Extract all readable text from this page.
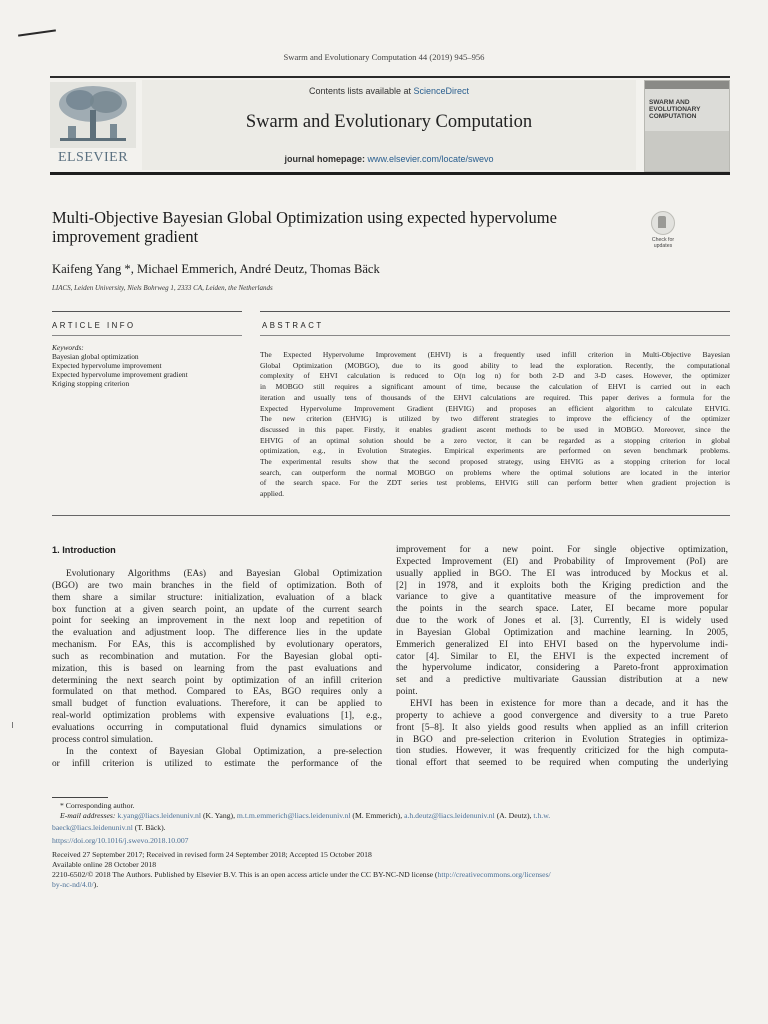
Swarm and Evolutionary Computation 44 (2019) 945–956
ELSEVIER
Contents lists available at ScienceDirect
Swarm and Evolutionary Computation
journal homepage: www.elsevier.com/locate/swevo
SWARM AND EVOLUTIONARY COMPUTATION
Multi-Objective Bayesian Global Optimization using expected hypervolume
improvement gradient	Check for updates
Kaifeng Yang *, Michael Emmerich, André Deutz, Thomas Bäck
LIACS, Leiden University, Niels Bohrweg 1, 2333 CA, Leiden, the Netherlands
ARTICLE INFO
Keywords:
Bayesian global optimization
Expected hypervolume improvement
Expected hypervolume improvement gradient
Kriging stopping criterion
ABSTRACT
The Expected Hypervolume Improvement (EHVI) is a frequently used infill criterion in Multi-Objective Bayesian
Global Optimization (MOBGO), due to its good ability to lead the exploration. Recently, the computational
complexity of EHVI calculation is reduced to O(n log n) for both 2-D and 3-D cases. However, the optimizer
in MOBGO still requires a significant amount of time, because the calculation of EHVI is carried out in each
iteration and usually tens of thousands of the EHVI calculations are required. This paper derives a formula for the
Expected Hypervolume Improvement Gradient (EHVIG) and proposes an efficient algorithm to calculate EHVIG.
The new criterion (EHVIG) is utilized by two different strategies to improve the efficiency of the optimizer
discussed in this paper. Firstly, it enables gradient ascent methods to be used in MOBGO. Moreover, since the
EHVIG of an optimal solution should be a zero vector, it can be regarded as a stopping criterion in global
optimization, e.g., in Evolution Strategies. Empirical experiments are performed on seven benchmark problems.
The experimental results show that the second proposed strategy, using EHVIG as a stopping criterion for local
search, can outperform the normal MOBGO on problems where the optimal solutions are located in the interior
of the search space. For the ZDT series test problems, EHVIG still can perform better when gradient projection is
applied.
1. Introduction
Evolutionary Algorithms (EAs) and Bayesian Global Optimization
(BGO) are two main branches in the field of optimization. Both of
them share a similar structure: initialization, evaluation of a black
box function at a given search point, an update of the current search
point for seeking an improvement in the next loop and repetition of
the evaluation and adjustment loop. The difference lies in the update
mechanism. For EAs, this is accomplished by evolutionary operators,
such as recombination and mutation. For the Bayesian global opti-
mization, this is based on learning from the past evaluations and
determining the next search point by optimization of an infill criterion
formulated on that method. Compared to EAs, BGO requires only a
small budget of function evaluations. Therefore, it can be applied to
real-world optimization problems with expensive evaluations [1], e.g.,
evaluations occurring in computational fluid dynamics simulations or
process control simulation.
In the context of Bayesian Global Optimization, a pre-selection
or infill criterion is utilized to estimate the performance of the
improvement for a new point. For single objective optimization,
Expected Improvement (EI) and Probability of Improvement (PoI) are
usually applied in BGO. The EI was introduced by Mockus et al.
[2] in 1978, and it exploits both the Kriging prediction and the
variance to give a quantitative measure of the improvement for
the points in the search space. Later, EI became more popular
due to the work of Jones et al. [3]. Currently, EI is widely used
in Bayesian Global Optimization and machine learning. In 2005,
Emmerich generalized EI into EHVI based on the hypervolume indi-
cator [4]. Similar to EI, the EHVI is the expected increment of
the hypervolume indicator, considering a Pareto-front approximation
set and a predictive multivariate Gaussian distribution at a new
point.
EHVI has been in existence for more than a decade, and it has the
property to achieve a good convergence and diversity to a true Pareto
front [5–8]. It also yields good results when applied as an infill criterion
in BGO and pre-selection criterion in Evolution Strategies in optimiza-
tion studies. However, it was frequently criticized for the high computa-
tional effort that seemed to be required when computing the underlying
* Corresponding author.
E-mail addresses: k.yang@liacs.leidenuniv.nl (K. Yang), m.t.m.emmerich@liacs.leidenuniv.nl (M. Emmerich), a.h.deutz@liacs.leidenuniv.nl (A. Deutz), t.h.w.
baeck@liacs.leidenuniv.nl (T. Bäck).
https://doi.org/10.1016/j.swevo.2018.10.007
Received 27 September 2017; Received in revised form 24 September 2018; Accepted 15 October 2018
Available online 28 October 2018
2210-6502/© 2018 The Authors. Published by Elsevier B.V. This is an open access article under the CC BY-NC-ND license (http://creativecommons.org/licenses/
by-nc-nd/4.0/).
